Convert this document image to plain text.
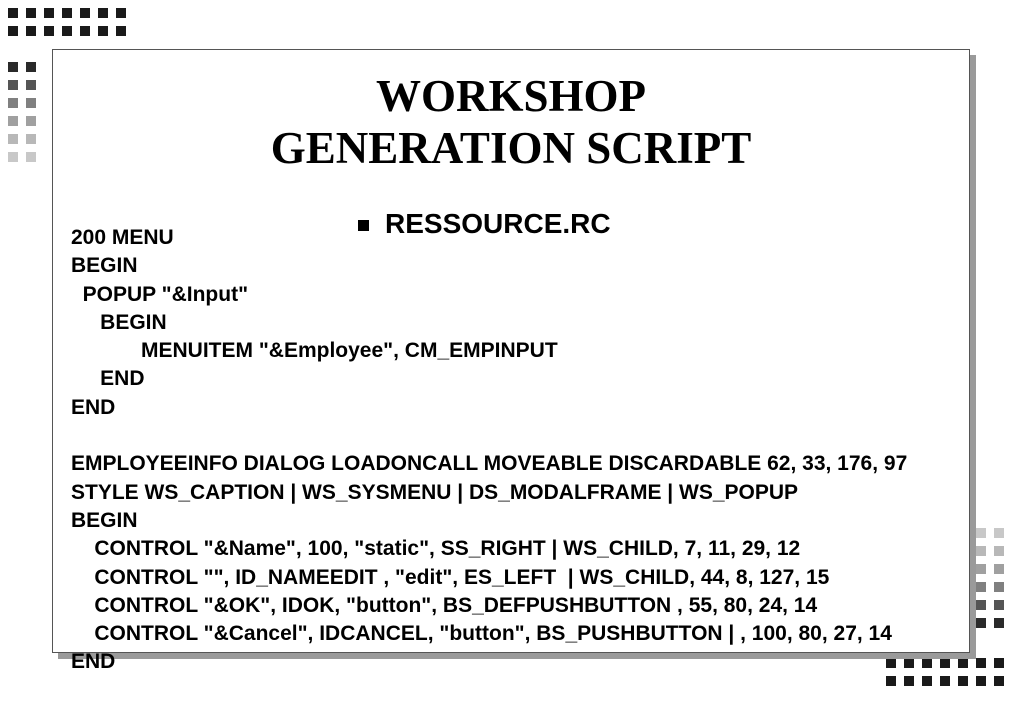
WORKSHOP
GENERATION SCRIPT
RESSOURCE.RC
200 MENU
BEGIN
POPUP "&Input"
BEGIN
MENUITEM "&Employee", CM_EMPINPUT
END
END
EMPLOYEEINFO DIALOG LOADONCALL MOVEABLE DISCARDABLE 62, 33, 176, 97
STYLE WS_CAPTION | WS_SYSMENU | DS_MODALFRAME | WS_POPUP
BEGIN
CONTROL "&Name", 100, "static", SS_RIGHT | WS_CHILD, 7, 11, 29, 12
CONTROL "", ID_NAMEEDIT , "edit", ES_LEFT  | WS_CHILD, 44, 8, 127, 15
CONTROL "&OK", IDOK, "button", BS_DEFPUSHBUTTON , 55, 80, 24, 14
CONTROL "&Cancel", IDCANCEL, "button", BS_PUSHBUTTON | , 100, 80, 27, 14
END
